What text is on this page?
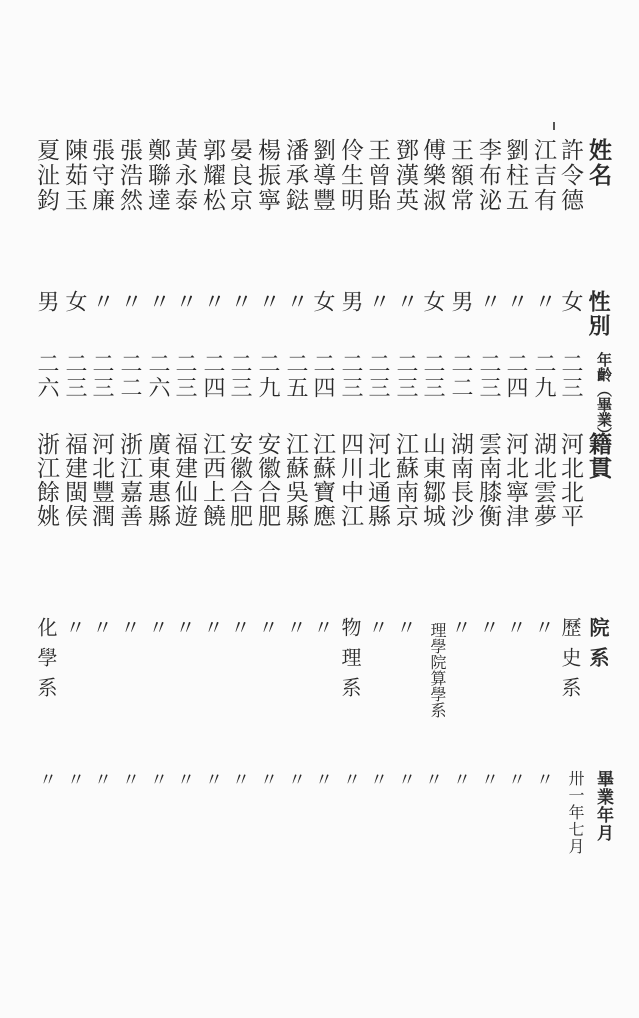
姓名
許令德
江吉有
劉柱五
李布泌
王額常
傅樂淑
鄧漢英
王曾貽
伶生明
劉導豐
潘承鍅
楊振寧
晏良京
郭耀松
黃永泰
鄭聯達
張浩然
張守廉
陳茹玉
夏沚鈞
性別
女
〃
〃
〃
男
女
〃
〃
男
女
〃
〃
〃
〃
〃
〃
〃
〃
女
男
年齡（畢業）
二三
二九
二四
二三
二二
二三
二三
二三
二三
二四
二五
二九
二三
二四
二三
二六
二二
二三
二三
二六
籍貫
河北北平
湖北雲夢
河北寧津
雲南膝衡
湖南長沙
山東鄒城
江蘇南京
河北通縣
四川中江
江蘇寶應
江蘇吳縣
安徽合肥
安徽合肥
江西上饒
福建仙遊
廣東惠縣
浙江嘉善
河北豐潤
福建閩侯
浙江餘姚
院系
歷史系
〃
〃
〃
〃
理學院算學系
〃
〃
物理系
〃
〃
〃
〃
〃
〃
〃
〃
〃
〃
化學系
畢業年月
卅一年七月
〃
〃
〃
〃
〃
〃
〃
〃
〃
〃
〃
〃
〃
〃
〃
〃
〃
〃
〃
